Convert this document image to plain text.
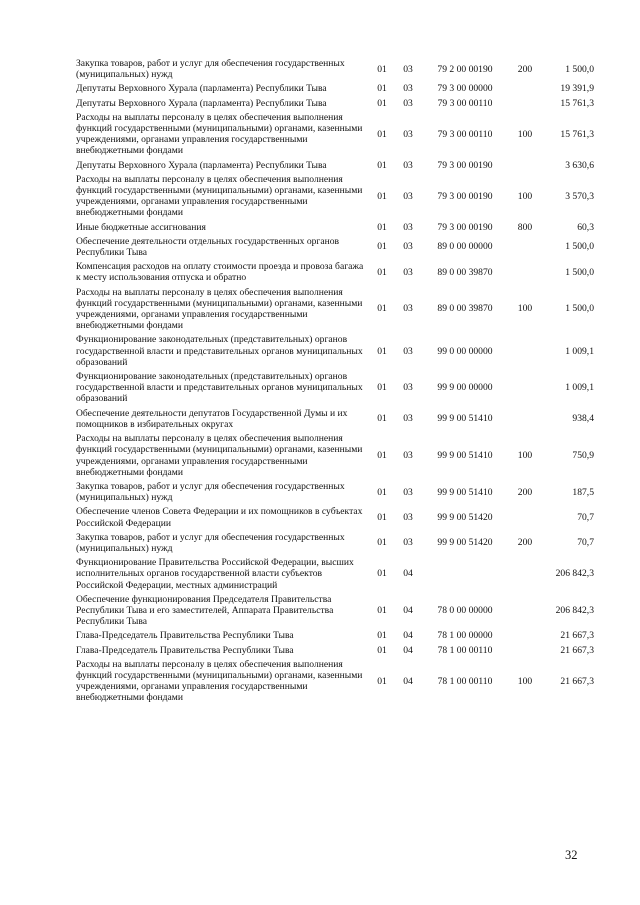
Закупка товаров, работ и услуг для обеспечения государственных (муниципальных) нужд	01	03	79 2 00 00190	200	1 500,0
Депутаты Верховного Хурала (парламента) Республики Тыва	01	03	79 3 00 00000		19 391,9
Депутаты Верховного Хурала (парламента) Республики Тыва	01	03	79 3 00 00110		15 761,3
Расходы на выплаты персоналу в целях обеспечения выполнения функций государственными (муниципальными) органами, казенными учреждениями, органами управления государственными внебюджетными фондами	01	03	79 3 00 00110	100	15 761,3
Депутаты Верховного Хурала (парламента) Республики Тыва	01	03	79 3 00 00190		3 630,6
Расходы на выплаты персоналу в целях обеспечения выполнения функций государственными (муниципальными) органами, казенными учреждениями, органами управления государственными внебюджетными фондами	01	03	79 3 00 00190	100	3 570,3
Иные бюджетные ассигнования	01	03	79 3 00 00190	800	60,3
Обеспечение деятельности отдельных государственных органов Республики Тыва	01	03	89 0 00 00000		1 500,0
Компенсация расходов на оплату стоимости проезда и провоза багажа к месту использования отпуска и обратно	01	03	89 0 00 39870		1 500,0
Расходы на выплаты персоналу в целях обеспечения выполнения функций государственными (муниципальными) органами, казенными учреждениями, органами управления государственными внебюджетными фондами	01	03	89 0 00 39870	100	1 500,0
Функционирование законодательных (представительных) органов государственной власти и представительных органов муниципальных образований	01	03	99 0 00 00000		1 009,1
Функционирование законодательных (представительных) органов государственной власти и представительных органов муниципальных образований	01	03	99 9 00 00000		1 009,1
Обеспечение деятельности депутатов Государственной Думы и их помощников в избирательных округах	01	03	99 9 00 51410		938,4
Расходы на выплаты персоналу в целях обеспечения выполнения функций государственными (муниципальными) органами, казенными учреждениями, органами управления государственными внебюджетными фондами	01	03	99 9 00 51410	100	750,9
Закупка товаров, работ и услуг для обеспечения государственных (муниципальных) нужд	01	03	99 9 00 51410	200	187,5
Обеспечение членов Совета Федерации и их помощников в субъектах Российской Федерации	01	03	99 9 00 51420		70,7
Закупка товаров, работ и услуг для обеспечения государственных (муниципальных) нужд	01	03	99 9 00 51420	200	70,7
Функционирование Правительства Российской Федерации, высших исполнительных органов государственной власти субъектов Российской Федерации, местных администраций	01	04			206 842,3
Обеспечение функционирования Председателя Правительства Республики Тыва и его заместителей, Аппарата Правительства Республики Тыва	01	04	78 0 00 00000		206 842,3
Глава-Председатель Правительства Республики Тыва	01	04	78 1 00 00000		21 667,3
Глава-Председатель Правительства Республики Тыва	01	04	78 1 00 00110		21 667,3
Расходы на выплаты персоналу в целях обеспечения выполнения функций государственными (муниципальными) органами, казенными учреждениями, органами управления государственными внебюджетными фондами	01	04	78 1 00 00110	100	21 667,3
32
